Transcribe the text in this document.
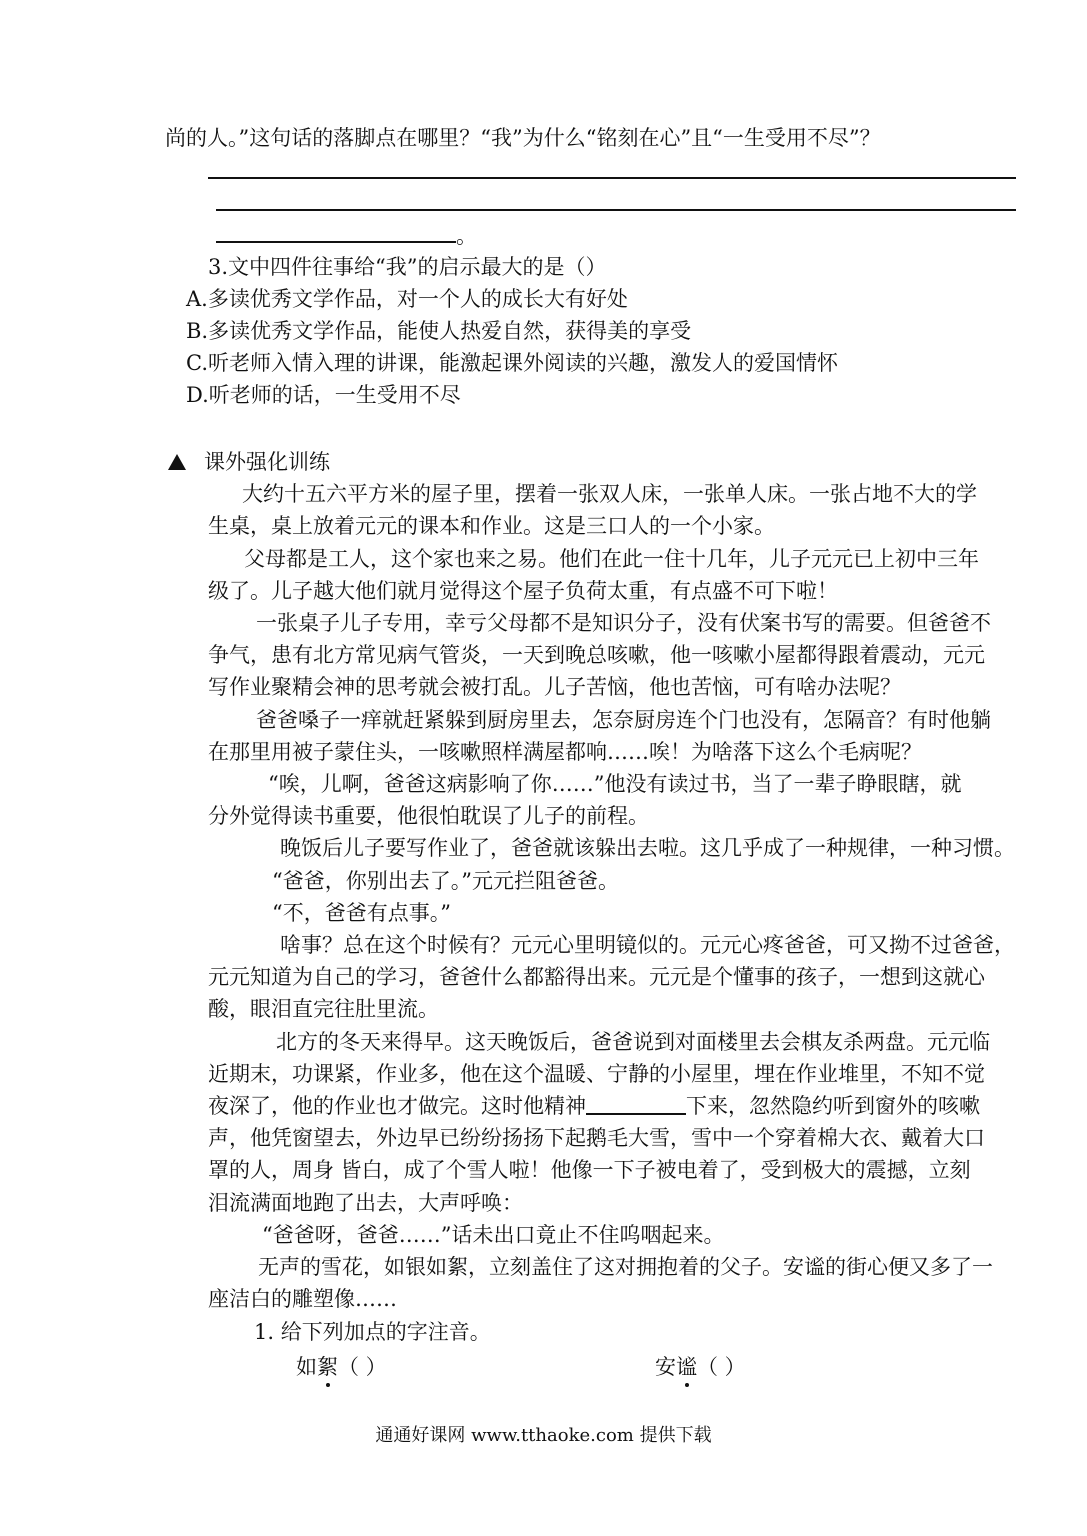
尚的人。”这句话的落脚点在哪里？“我”为什么“铭刻在心”且“一生受用不尽”？
。
3.文中四件往事给“我”的启示最大的是（）
A.多读优秀文学作品，对一个人的成长大有好处
B.多读优秀文学作品，能使人热爱自然，获得美的享受
C.听老师入情入理的讲课，能激起课外阅读的兴趣，激发人的爱国情怀
D.听老师的话，一生受用不尽
课外强化训练
大约十五六平方米的屋子里，摆着一张双人床，一张单人床。一张占地不大的学
生桌，桌上放着元元的课本和作业。这是三口人的一个小家。
父母都是工人，这个家也来之易。他们在此一住十几年，儿子元元已上初中三年
级了。儿子越大他们就月觉得这个屋子负荷太重，有点盛不可下啦！
一张桌子儿子专用，幸亏父母都不是知识分子，没有伏案书写的需要。但爸爸不
争气，患有北方常见病气管炎，一天到晚总咳嗽，他一咳嗽小屋都得跟着震动，元元
写作业聚精会神的思考就会被打乱。儿子苦恼，他也苦恼，可有啥办法呢？
爸爸嗓子一痒就赶紧躲到厨房里去，怎奈厨房连个门也没有，怎隔音？有时他躺
在那里用被子蒙住头，一咳嗽照样满屋都响……唉！为啥落下这么个毛病呢？
“唉，儿啊，爸爸这病影响了你……”他没有读过书，当了一辈子睁眼瞎，就
分外觉得读书重要，他很怕耽误了儿子的前程。
晚饭后儿子要写作业了，爸爸就该躲出去啦。这几乎成了一种规律，一种习惯。
“爸爸，你别出去了。”元元拦阻爸爸。
“不，爸爸有点事。”
啥事？总在这个时候有？元元心里明镜似的。元元心疼爸爸，可又拗不过爸爸，
元元知道为自己的学习，爸爸什么都豁得出来。元元是个懂事的孩子，一想到这就心
酸，眼泪直完往肚里流。
北方的冬天来得早。这天晚饭后，爸爸说到对面楼里去会棋友杀两盘。元元临
近期末，功课紧，作业多，他在这个温暖、宁静的小屋里，埋在作业堆里，不知不觉
夜深了，他的作业也才做完。这时他精神	下来，忽然隐约听到窗外的咳嗽
声，他凭窗望去，外边早已纷纷扬扬下起鹅毛大雪，雪中一个穿着棉大衣、戴着大口
罩的人，周身 皆白，成了个雪人啦！他像一下子被电着了，受到极大的震撼，立刻
泪流满面地跑了出去，大声呼唤：
“爸爸呀，爸爸……”话未出口竟止不住呜咽起来。
无声的雪花，如银如絮，立刻盖住了这对拥抱着的父子。安谧的街心便又多了一
座洁白的雕塑像……
1. 给下列加点的字注音。
如絮（ ）	安谧（ ）
通通好课网 www.tthaoke.com 提供下载
